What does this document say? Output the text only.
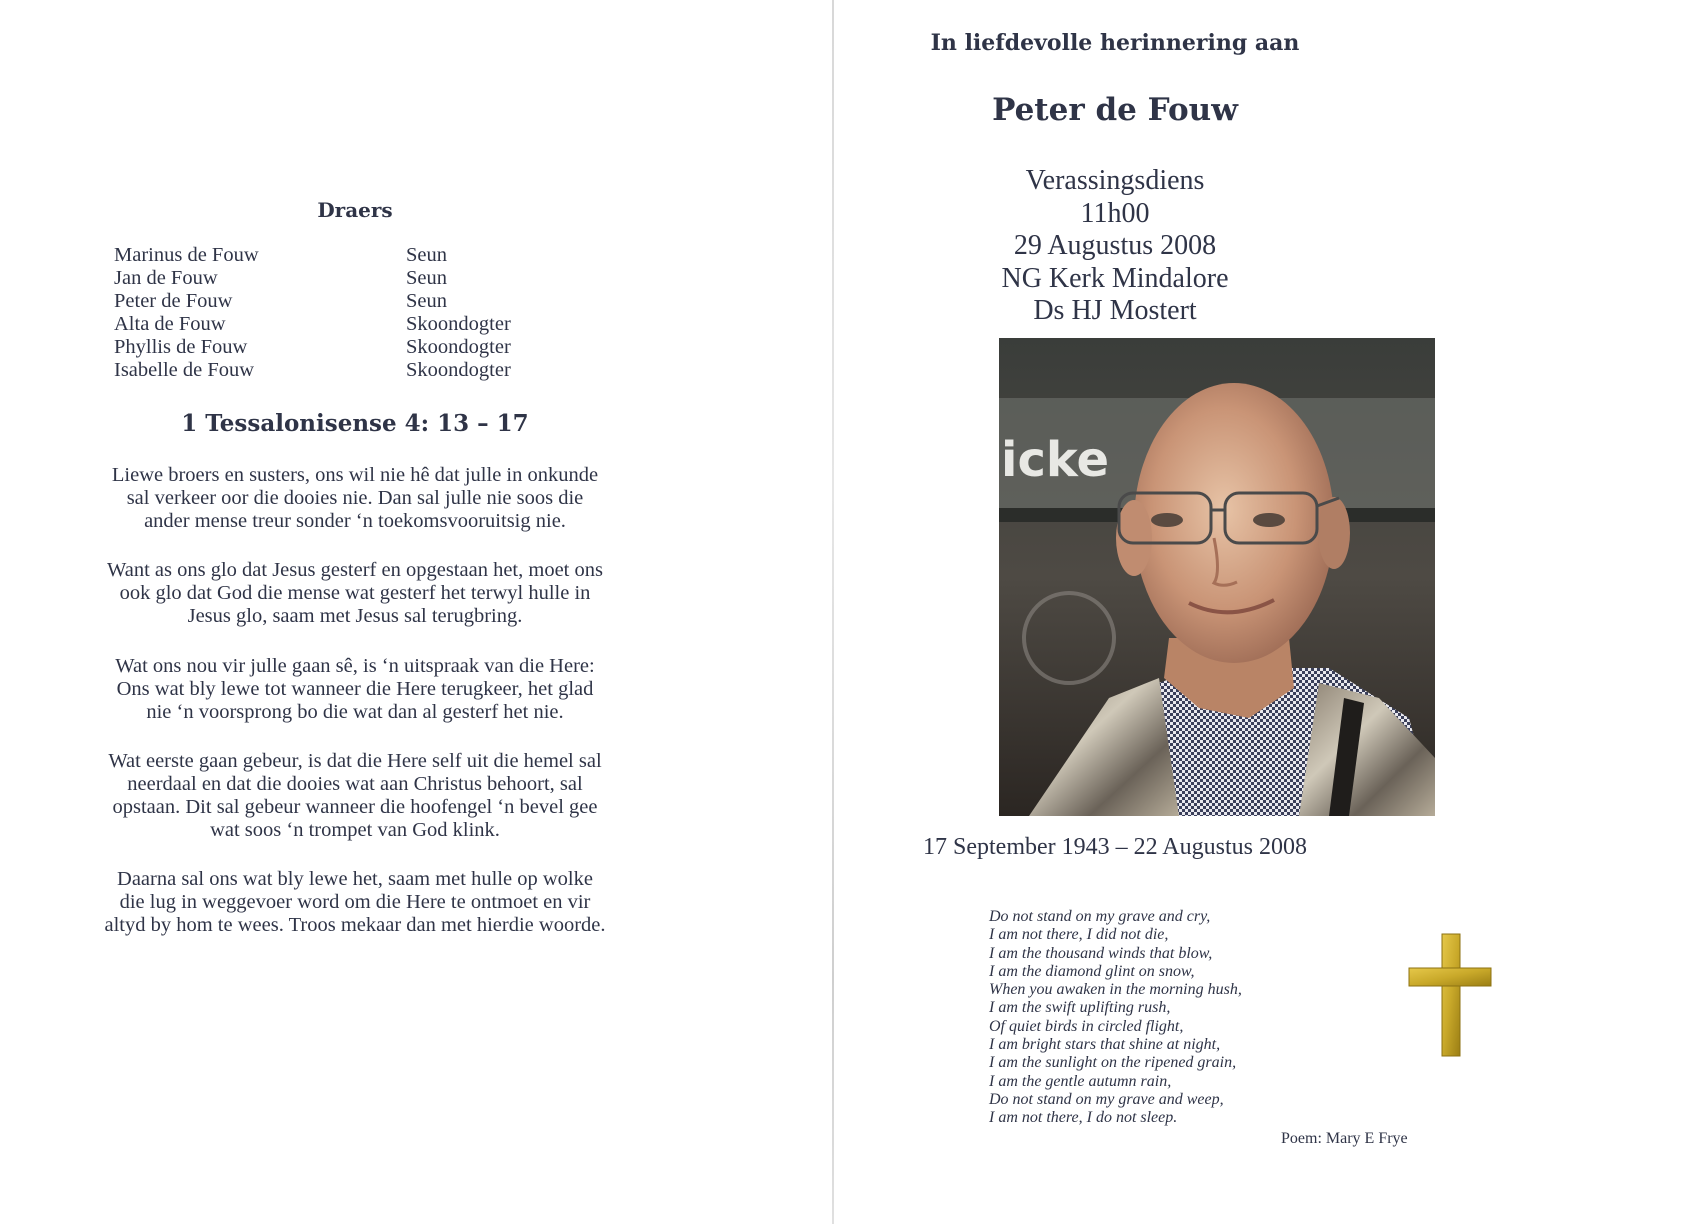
Draers
Marinus de Fouw	Seun
Jan de Fouw	Seun
Peter de Fouw	Seun
Alta de Fouw	Skoondogter
Phyllis de Fouw	Skoondogter
Isabelle de Fouw	Skoondogter
1 Tessalonisense 4: 13 – 17

Liewe broers en susters, ons wil nie hê dat julle in onkunde sal verkeer oor die dooies nie. Dan sal julle nie soos die ander mense treur sonder ‘n toekomsvooruitsig nie.

Want as ons glo dat Jesus gesterf en opgestaan het, moet ons ook glo dat God die mense wat gesterf het terwyl hulle in Jesus glo, saam met Jesus sal terugbring.

Wat ons nou vir julle gaan sê, is ‘n uitspraak van die Here: Ons wat bly lewe tot wanneer die Here terugkeer, het glad nie ‘n voorsprong bo die wat dan al gesterf het nie.

Wat eerste gaan gebeur, is dat die Here self uit die hemel sal neerdaal en dat die dooies wat aan Christus behoort, sal opstaan. Dit sal gebeur wanneer die hoofengel ‘n bevel gee wat soos ‘n trompet van God klink.

Daarna sal ons wat bly lewe het, saam met hulle op wolke die lug in weggevoer word om die Here te ontmoet en vir altyd by hom te wees. Troos mekaar dan met hierdie woorde.

In liefdevolle herinnering aan
Peter de Fouw
Verassingsdiens
11h00
29 Augustus 2008
NG Kerk Mindalore
Ds HJ Mostert
icke
17 September 1943 – 22 Augustus 2008
Do not stand on my grave and cry,
I am not there, I did not die,
I am the thousand winds that blow,
I am the diamond glint on snow,
When you awaken in the morning hush,
I am the swift uplifting rush,
Of quiet birds in circled flight,
I am bright stars that shine at night,
I am the sunlight on the ripened grain,
I am the gentle autumn rain,
Do not stand on my grave and weep,
I am not there, I do not sleep.
Poem: Mary E Frye
